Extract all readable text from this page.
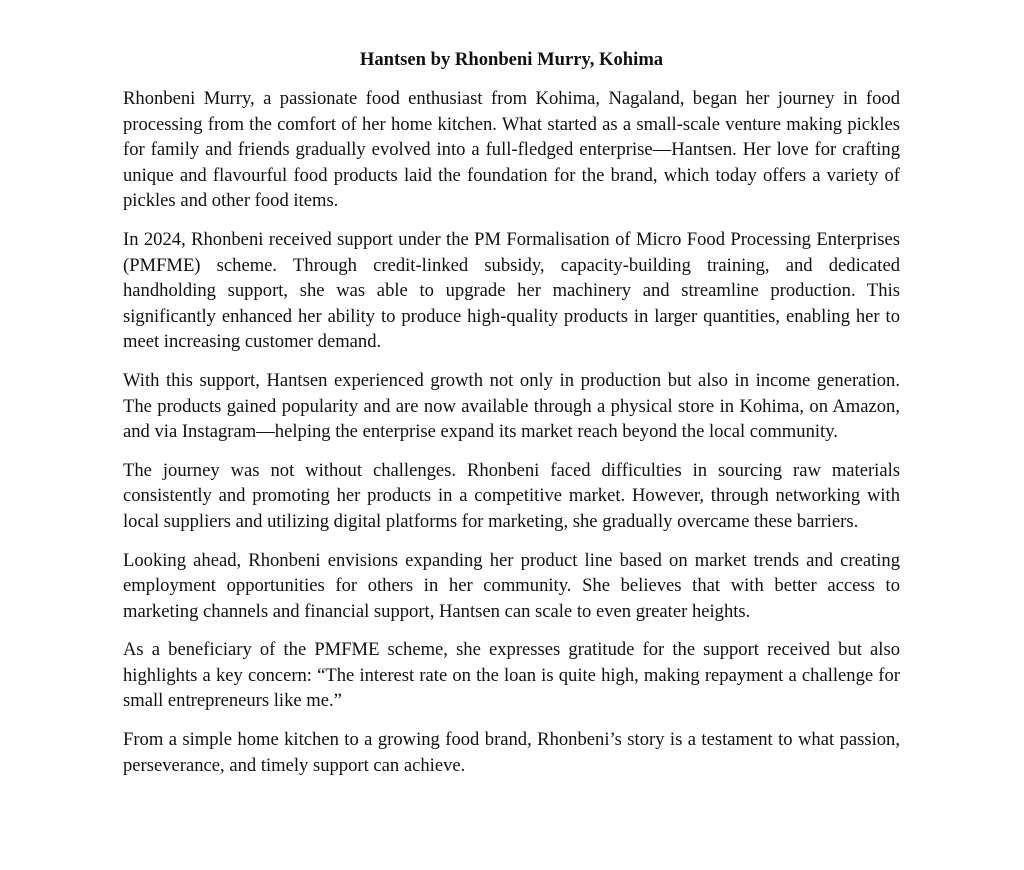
Hantsen by Rhonbeni Murry, Kohima

Rhonbeni Murry, a passionate food enthusiast from Kohima, Nagaland, began her journey in food processing from the comfort of her home kitchen. What started as a small-scale venture making pickles for family and friends gradually evolved into a full-fledged enterprise—Hantsen. Her love for crafting unique and flavourful food products laid the foundation for the brand, which today offers a variety of pickles and other food items.

In 2024, Rhonbeni received support under the PM Formalisation of Micro Food Processing Enterprises (PMFME) scheme. Through credit-linked subsidy, capacity-building training, and dedicated handholding support, she was able to upgrade her machinery and streamline production. This significantly enhanced her ability to produce high-quality products in larger quantities, enabling her to meet increasing customer demand.

With this support, Hantsen experienced growth not only in production but also in income generation. The products gained popularity and are now available through a physical store in Kohima, on Amazon, and via Instagram—helping the enterprise expand its market reach beyond the local community.

The journey was not without challenges. Rhonbeni faced difficulties in sourcing raw materials consistently and promoting her products in a competitive market. However, through networking with local suppliers and utilizing digital platforms for marketing, she gradually overcame these barriers.

Looking ahead, Rhonbeni envisions expanding her product line based on market trends and creating employment opportunities for others in her community. She believes that with better access to marketing channels and financial support, Hantsen can scale to even greater heights.

As a beneficiary of the PMFME scheme, she expresses gratitude for the support received but also highlights a key concern: “The interest rate on the loan is quite high, making repayment a challenge for small entrepreneurs like me.”

From a simple home kitchen to a growing food brand, Rhonbeni’s story is a testament to what passion, perseverance, and timely support can achieve.
